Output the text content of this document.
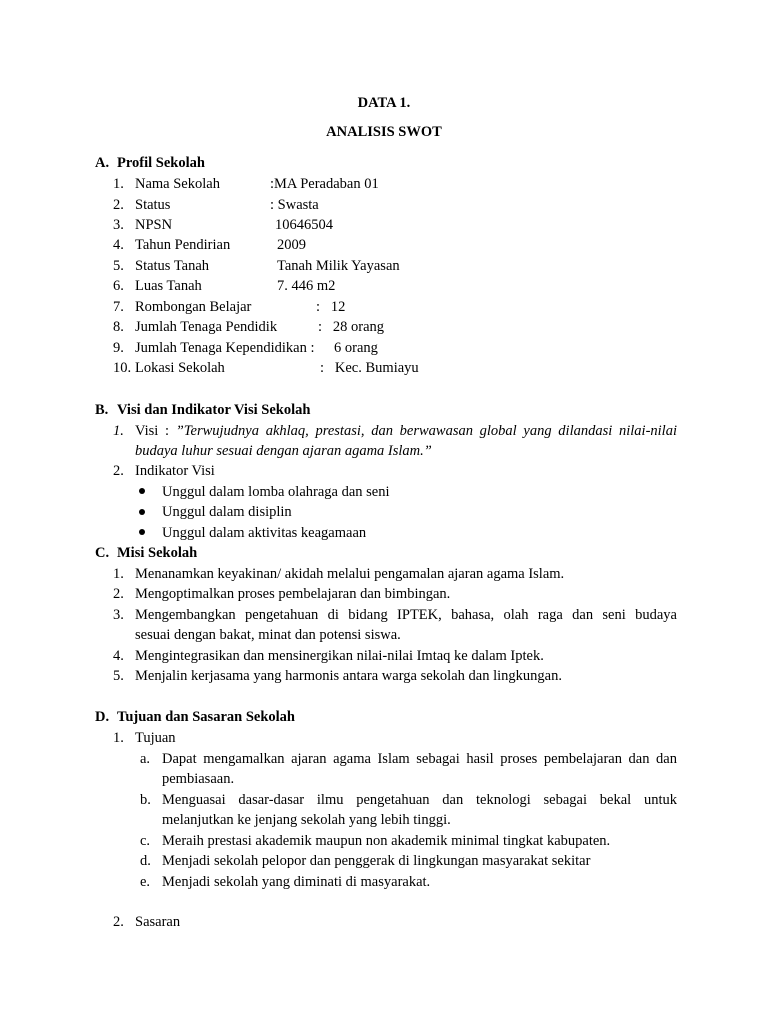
DATA 1.
ANALISIS SWOT
A. Profil Sekolah
1. Nama Sekolah	:MA Peradaban 01
2. Status	: Swasta
3. NPSN	10646504
4. Tahun Pendirian	2009
5. Status Tanah	Tanah Milik Yayasan
6. Luas Tanah	7. 446 m2
7. Rombongan Belajar	:   12
8. Jumlah Tenaga Pendidik	:   28 orang
9. Jumlah Tenaga Kependidikan : 6 orang
10. Lokasi Sekolah	:   Kec. Bumiayu
B. Visi dan Indikator Visi Sekolah
1. Visi : ”Terwujudnya akhlaq, prestasi, dan berwawasan global yang dilandasi nilai-nilai
budaya luhur sesuai dengan ajaran agama Islam.”
2. Indikator Visi
Unggul dalam lomba olahraga dan seni
Unggul dalam disiplin
Unggul dalam aktivitas keagamaan
C. Misi Sekolah
1. Menanamkan keyakinan/ akidah melalui pengamalan ajaran agama Islam.
2. Mengoptimalkan proses pembelajaran dan bimbingan.
3. Mengembangkan pengetahuan di bidang IPTEK, bahasa, olah raga dan seni budaya
sesuai dengan bakat, minat dan potensi siswa.
4. Mengintegrasikan dan mensinergikan nilai-nilai Imtaq ke dalam Iptek.
5. Menjalin kerjasama yang harmonis antara warga sekolah dan lingkungan.
D. Tujuan dan Sasaran Sekolah
1. Tujuan
a. Dapat mengamalkan ajaran agama Islam sebagai hasil proses pembelajaran dan dan
pembiasaan.
b. Menguasai dasar-dasar ilmu pengetahuan dan teknologi sebagai bekal untuk
melanjutkan ke jenjang sekolah yang lebih tinggi.
c. Meraih prestasi akademik maupun non akademik minimal tingkat kabupaten.
d. Menjadi sekolah pelopor dan penggerak di lingkungan masyarakat sekitar
e. Menjadi sekolah yang diminati di masyarakat.
2. Sasaran
